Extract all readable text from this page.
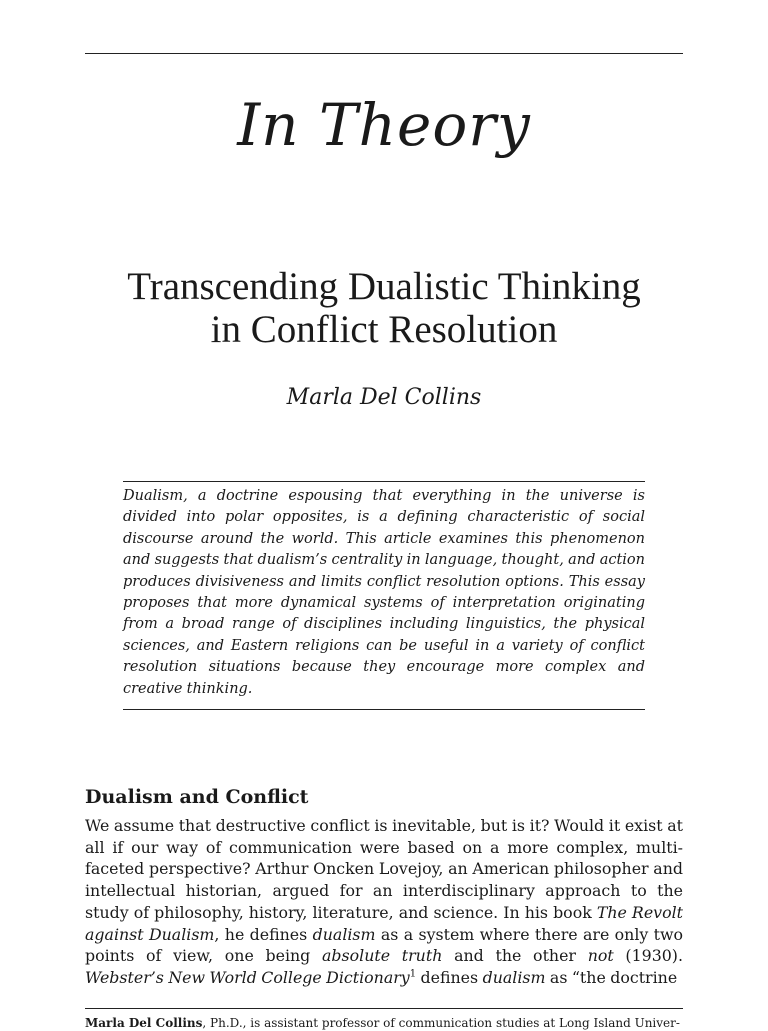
In Theory
Transcending Dualistic Thinking
in Conflict Resolution
Marla Del Collins
Dualism, a doctrine espousing that everything in the universe is divided into polar opposites, is a defining characteristic of social discourse around the world. This article examines this phenomenon and suggests that dualism’s centrality in language, thought, and action produces divisiveness and limits conflict resolution options. This essay proposes that more dynamical systems of interpretation originating from a broad range of disciplines including linguistics, the physical sciences, and Eastern religions can be useful in a variety of conflict resolution situations because they encourage more complex and creative thinking.
Dualism and Conflict
We assume that destructive conflict is inevitable, but is it? Would it exist at all if our way of communication were based on a more complex, multi-faceted perspective? Arthur Oncken Lovejoy, an American philosopher and intellectual historian, argued for an interdisciplinary approach to the study of philosophy, history, literature, and science. In his book The Revolt against Dualism, he defines dualism as a system where there are only two points of view, one being absolute truth and the other not (1930). Webster’s New World College Dictionary$^1$ defines dualism as “the doctrine
Marla Del Collins, Ph.D., is assistant professor of communication studies at Long Island Univer-
